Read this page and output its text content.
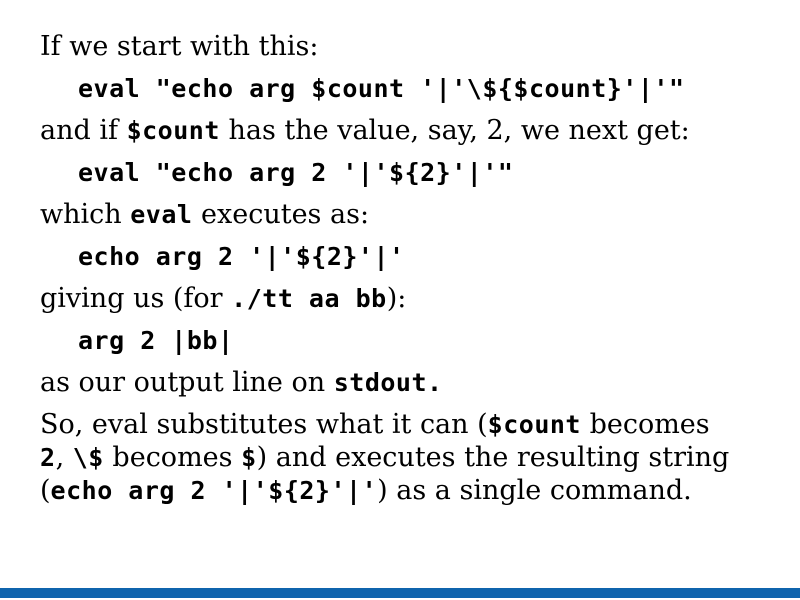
If we start with this:
eval "echo arg $count '|'\${$count}'|'"
and if $count has the value, say, 2, we next get:
eval "echo arg 2 '|'${2}'|'"
which eval executes as:
echo arg 2 '|'${2}'|'
giving us (for ./tt aa bb):
arg 2 |bb|
as our output line on stdout.
So, eval substitutes what it can ($count becomes
2, \$ becomes $) and executes the resulting string
(echo arg 2 '|'${2}'|') as a single command.
